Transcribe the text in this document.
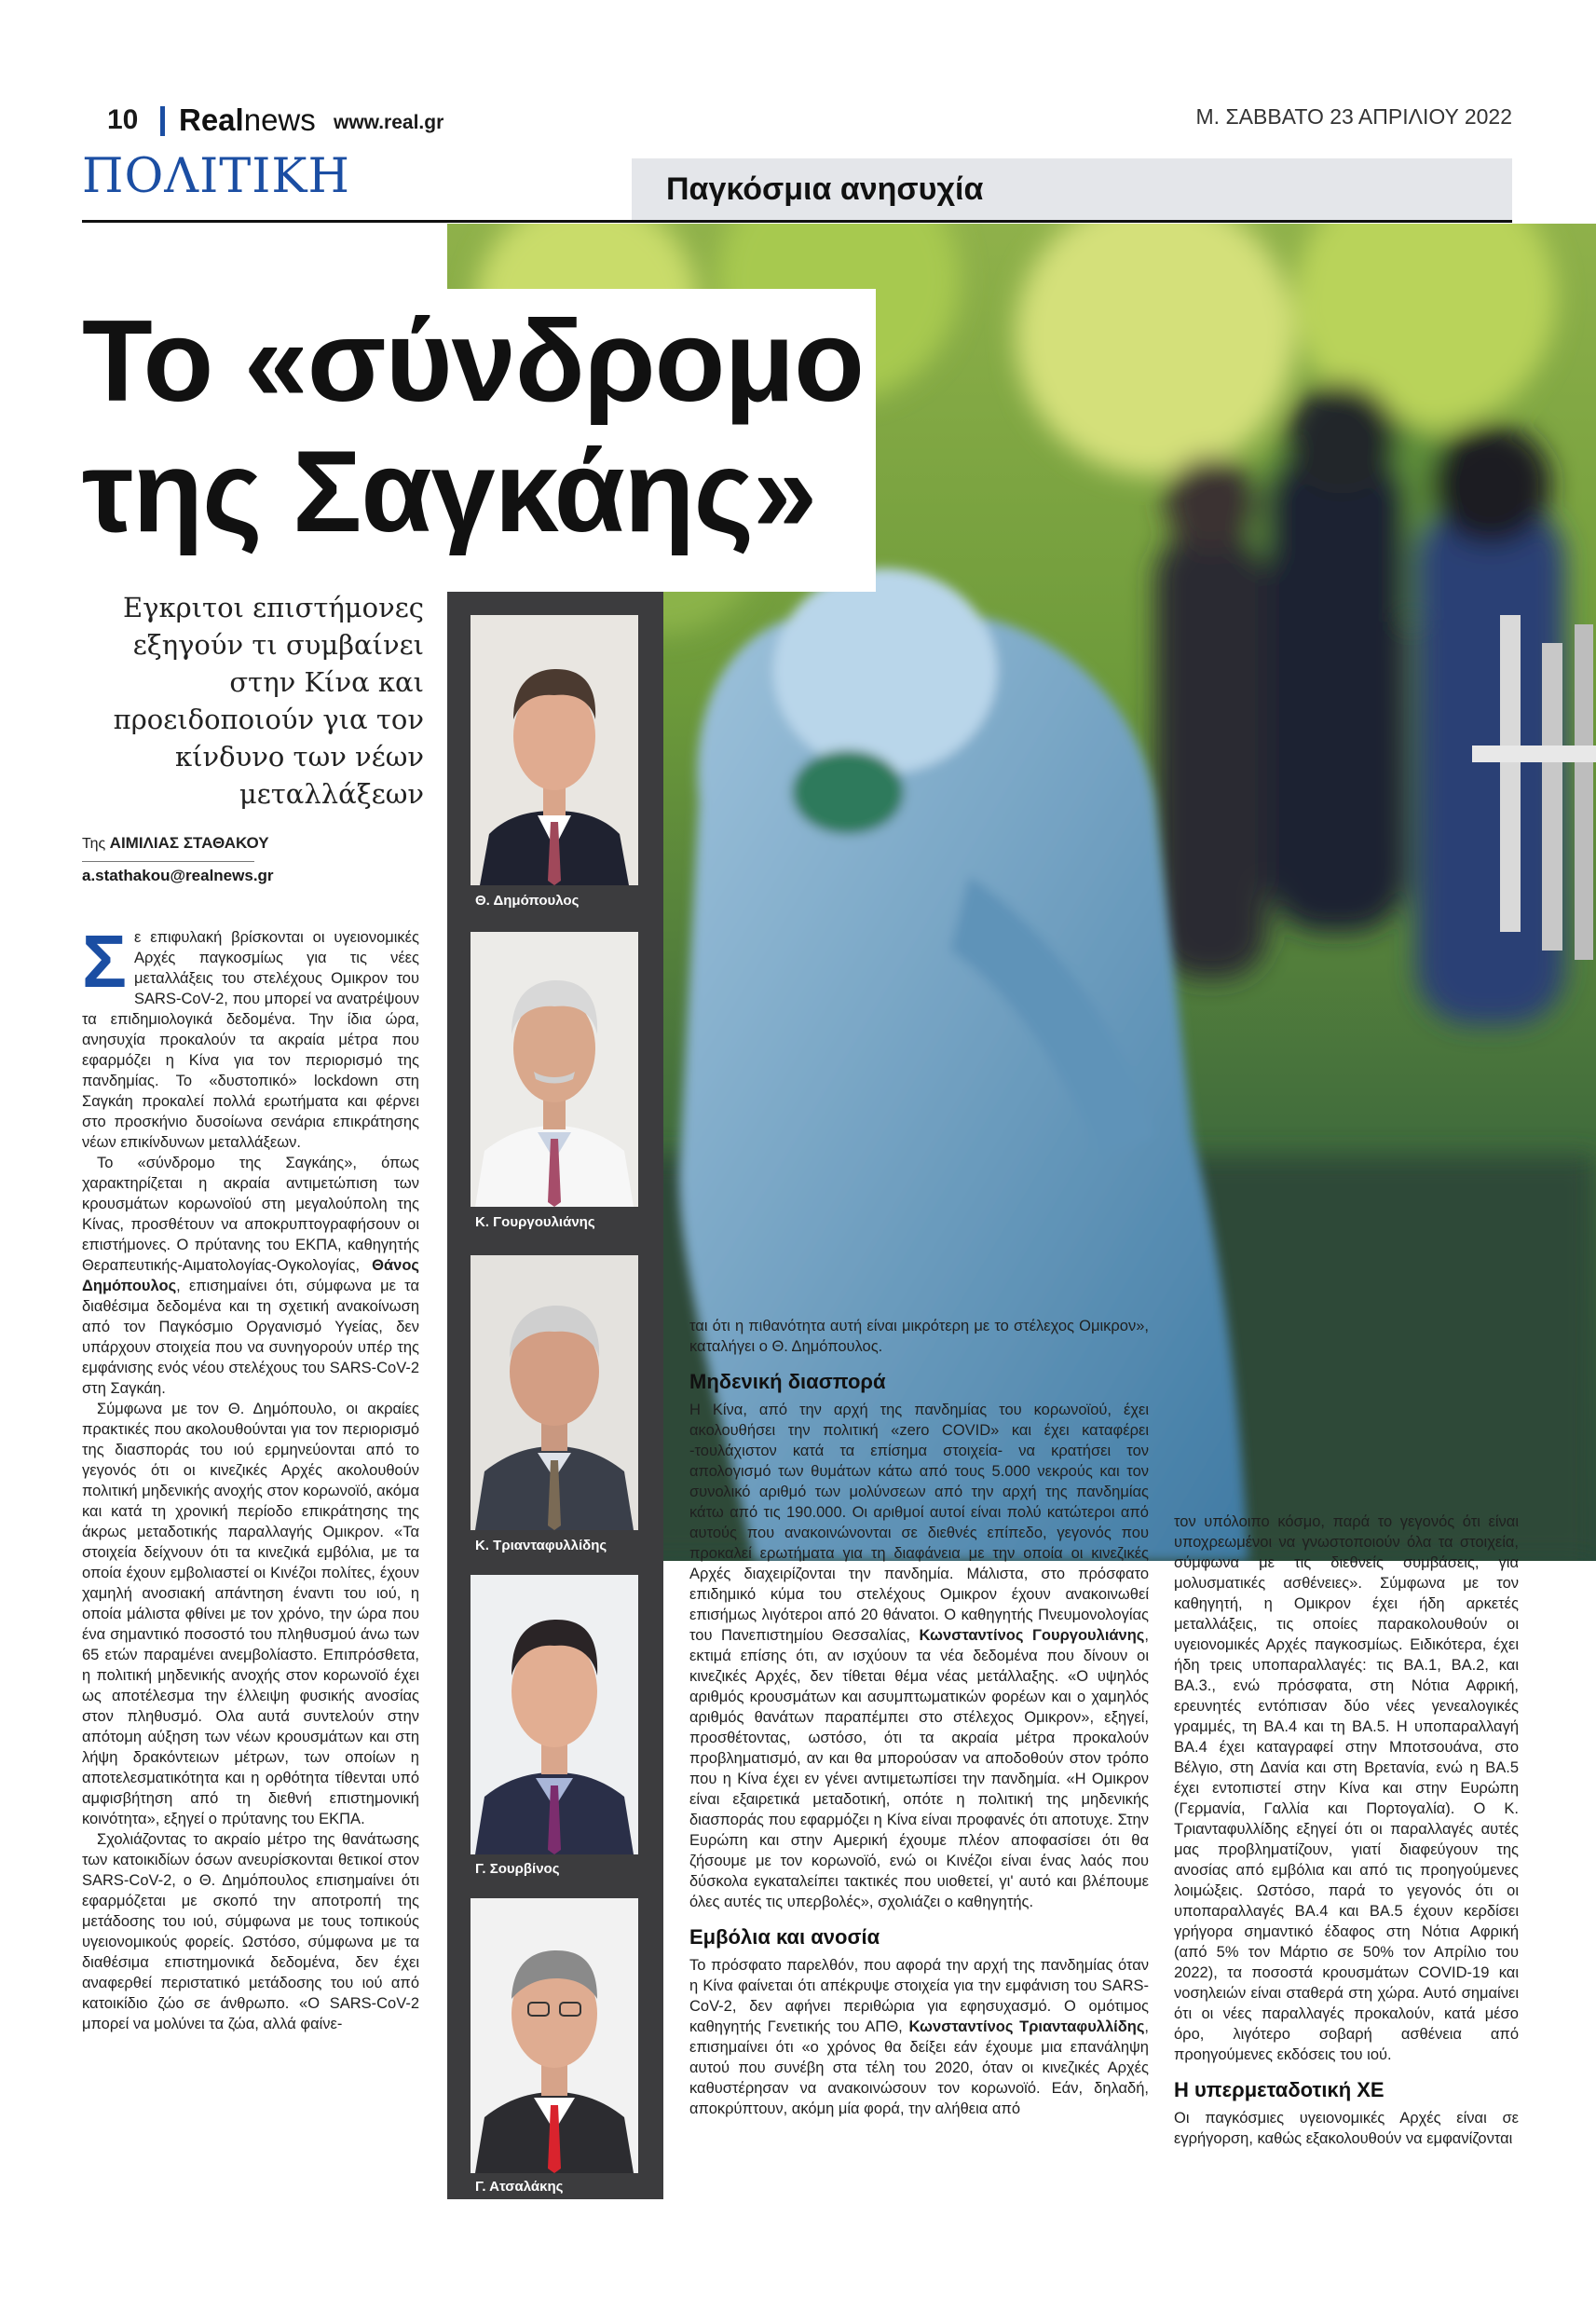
10 Realnews www.real.gr	Μ. ΣΑΒΒΑΤΟ 23 ΑΠΡΙΛΙΟΥ 2022
ΠΟΛΙΤΙΚΗ	Παγκόσμια ανησυχία
Το «σύνδρομο
της Σαγκάης»
Εγκριτοι επιστήμονες εξηγούν τι συμβαίνει στην Κίνα και προειδοποιούν για τον κίνδυνο των νέων μεταλλάξεων
Της ΑΙΜΙΛΙΑΣ ΣΤΑΘΑΚΟΥ
a.stathakou@realnews.gr
Θ. Δημόπουλος
Κ. Γουργουλιάνης
Κ. Τριανταφυλλίδης
Γ. Σουρβίνος
Γ. Ατσαλάκης

Σε επιφυλακή βρίσκονται οι υγειονομικές Αρχές παγκοσμίως για τις νέες μεταλλάξεις του στελέχους Ομικρον του SARS-CoV-2, που μπορεί να ανατρέψουν τα επιδημιολογικά δεδομένα. Την ίδια ώρα, ανησυχία προκαλούν τα ακραία μέτρα που εφαρμόζει η Κίνα για τον περιορισμό της πανδημίας. Το «δυστοπικό» lockdown στη Σαγκάη προκαλεί πολλά ερωτήματα και φέρνει στο προσκήνιο δυσοίωνα σενάρια επικράτησης νέων επικίνδυνων μεταλλάξεων.

Το «σύνδρομο της Σαγκάης», όπως χαρακτηρίζεται η ακραία αντιμετώπιση των κρουσμάτων κορωνοϊού στη μεγαλούπολη της Κίνας, προσθέτουν να αποκρυπτογραφήσουν οι επιστήμονες. Ο πρύτανης του ΕΚΠΑ, καθηγητής Θεραπευτικής-Αιματολογίας-Ογκολογίας, Θάνος Δημόπουλος, επισημαίνει ότι, σύμφωνα με τα διαθέσιμα δεδομένα και τη σχετική ανακοίνωση από τον Παγκόσμιο Οργανισμό Υγείας, δεν υπάρχουν στοιχεία που να συνηγορούν υπέρ της εμφάνισης ενός νέου στελέχους του SARS-CoV-2 στη Σαγκάη.

Σύμφωνα με τον Θ. Δημόπουλο, οι ακραίες πρακτικές που ακολουθούνται για τον περιορισμό της διασποράς του ιού ερμηνεύονται από το γεγονός ότι οι κινεζικές Αρχές ακολουθούν πολιτική μηδενικής ανοχής στον κορωνοϊό, ακόμα και κατά τη χρονική περίοδο επικράτησης της άκρως μεταδοτικής παραλλαγής Ομικρον. «Τα στοιχεία δείχνουν ότι τα κινεζικά εμβόλια, με τα οποία έχουν εμβολιαστεί οι Κινέζοι πολίτες, έχουν χαμηλή ανοσιακή απάντηση έναντι του ιού, η οποία μάλιστα φθίνει με τον χρόνο, την ώρα που ένα σημαντικό ποσοστό του πληθυσμού άνω των 65 ετών παραμένει ανεμβολίαστο. Επιπρόσθετα, η πολιτική μηδενικής ανοχής στον κορωνοϊό έχει ως αποτέλεσμα την έλλειψη φυσικής ανοσίας στον πληθυσμό. Ολα αυτά συντελούν στην απότομη αύξηση των νέων κρουσμάτων και στη λήψη δρακόντειων μέτρων, των οποίων η αποτελεσματικότητα και η ορθότητα τίθενται υπό αμφισβήτηση από τη διεθνή επιστημονική κοινότητα», εξηγεί ο πρύτανης του ΕΚΠΑ.

Σχολιάζοντας το ακραίο μέτρο της θανάτωσης των κατοικιδίων όσων ανευρίσκονται θετικοί στον SARS-CoV-2, ο Θ. Δημόπουλος επισημαίνει ότι εφαρμόζεται με σκοπό την αποτροπή της μετάδοσης του ιού, σύμφωνα με τους τοπικούς υγειονομικούς φορείς. Ωστόσο, σύμφωνα με τα διαθέσιμα επιστημονικά δεδομένα, δεν έχει αναφερθεί περιστατικό μετάδοσης του ιού από κατοικίδιο ζώο σε άνθρωπο. «Ο SARS-CoV-2 μπορεί να μολύνει τα ζώα, αλλά φαίνε-

ται ότι η πιθανότητα αυτή είναι μικρότερη με το στέλεχος Ομικρον», καταλήγει ο Θ. Δημόπουλος.

Μηδενική διασπορά

Η Κίνα, από την αρχή της πανδημίας του κορωνοϊού, έχει ακολουθήσει την πολιτική «zero COVID» και έχει καταφέρει -τουλάχιστον κατά τα επίσημα στοιχεία- να κρατήσει τον απολογισμό των θυμάτων κάτω από τους 5.000 νεκρούς και τον συνολικό αριθμό των μολύνσεων από την αρχή της πανδημίας κάτω από τις 190.000. Οι αριθμοί αυτοί είναι πολύ κατώτεροι από αυτούς που ανακοινώνονται σε διεθνές επίπεδο, γεγονός που προκαλεί ερωτήματα για τη διαφάνεια με την οποία οι κινεζικές Αρχές διαχειρίζονται την πανδημία. Μάλιστα, στο πρόσφατο επιδημικό κύμα του στελέχους Ομικρον έχουν ανακοινωθεί επισήμως λιγότεροι από 20 θάνατοι. Ο καθηγητής Πνευμονολογίας του Πανεπιστημίου Θεσσαλίας, Κωνσταντίνος Γουργουλιάνης, εκτιμά επίσης ότι, αν ισχύουν τα νέα δεδομένα που δίνουν οι κινεζικές Αρχές, δεν τίθεται θέμα νέας μετάλλαξης. «Ο υψηλός αριθμός κρουσμάτων και ασυμπτωματικών φορέων και ο χαμηλός αριθμός θανάτων παραπέμπει στο στέλεχος Ομικρον», εξηγεί, προσθέτοντας, ωστόσο, ότι τα ακραία μέτρα προκαλούν προβληματισμό, αν και θα μπορούσαν να αποδοθούν στον τρόπο που η Κίνα έχει εν γένει αντιμετωπίσει την πανδημία. «Η Ομικρον είναι εξαιρετικά μεταδοτική, οπότε η πολιτική της μηδενικής διασποράς που εφαρμόζει η Κίνα είναι προφανές ότι αποτυχε. Στην Ευρώπη και στην Αμερική έχουμε πλέον αποφασίσει ότι θα ζήσουμε με τον κορωνοϊό, ενώ οι Κινέζοι είναι ένας λαός που δύσκολα εγκαταλείπει τακτικές που υιοθετεί, γι' αυτό και βλέπουμε όλες αυτές τις υπερβολές», σχολιάζει ο καθηγητής.

Εμβόλια και ανοσία

Το πρόσφατο παρελθόν, που αφορά την αρχή της πανδημίας όταν η Κίνα φαίνεται ότι απέκρυψε στοιχεία για την εμφάνιση του SARS-CoV-2, δεν αφήνει περιθώρια για εφησυχασμό. Ο ομότιμος καθηγητής Γενετικής του ΑΠΘ, Κωνσταντίνος Τριανταφυλλίδης, επισημαίνει ότι «ο χρόνος θα δείξει εάν έχουμε μια επανάληψη αυτού που συνέβη στα τέλη του 2020, όταν οι κινεζικές Αρχές καθυστέρησαν να ανακοινώσουν τον κορωνοϊό. Εάν, δηλαδή, αποκρύπτουν, ακόμη μία φορά, την αλήθεια από

τον υπόλοιπο κόσμο, παρά το γεγονός ότι είναι υποχρεωμένοι να γνωστοποιούν όλα τα στοιχεία, σύμφωνα με τις διεθνείς συμβάσεις, για μολυσματικές ασθένειες». Σύμφωνα με τον καθηγητή, η Ομικρον έχει ήδη αρκετές μεταλλάξεις, τις οποίες παρακολουθούν οι υγειονομικές Αρχές παγκοσμίως. Ειδικότερα, έχει ήδη τρεις υποπαραλλαγές: τις BA.1, BA.2, και BA.3., ενώ πρόσφατα, στη Νότια Αφρική, ερευνητές εντόπισαν δύο νέες γενεαλογικές γραμμές, τη BA.4 και τη BA.5. Η υποπαραλλαγή BA.4 έχει καταγραφεί στην Μποτσουάνα, στο Βέλγιο, στη Δανία και στη Βρετανία, ενώ η BA.5 έχει εντοπιστεί στην Κίνα και στην Ευρώπη (Γερμανία, Γαλλία και Πορτογαλία). Ο Κ. Τριανταφυλλίδης εξηγεί ότι οι παραλλαγές αυτές μας προβληματίζουν, γιατί διαφεύγουν της ανοσίας από εμβόλια και από τις προηγούμενες λοιμώξεις. Ωστόσο, παρά το γεγονός ότι οι υποπαραλλαγές BA.4 και BA.5 έχουν κερδίσει γρήγορα σημαντικό έδαφος στη Νότια Αφρική (από 5% τον Μάρτιο σε 50% τον Απρίλιο του 2022), τα ποσοστά κρουσμάτων COVID-19 και νοσηλειών είναι σταθερά στη χώρα. Αυτό σημαίνει ότι οι νέες παραλλαγές προκαλούν, κατά μέσο όρο, λιγότερο σοβαρή ασθένεια από προηγούμενες εκδόσεις του ιού.

Η υπερμεταδοτική ΧΕ

Οι παγκόσμιες υγειονομικές Αρχές είναι σε εγρήγορση, καθώς εξακολουθούν να εμφανίζονται
